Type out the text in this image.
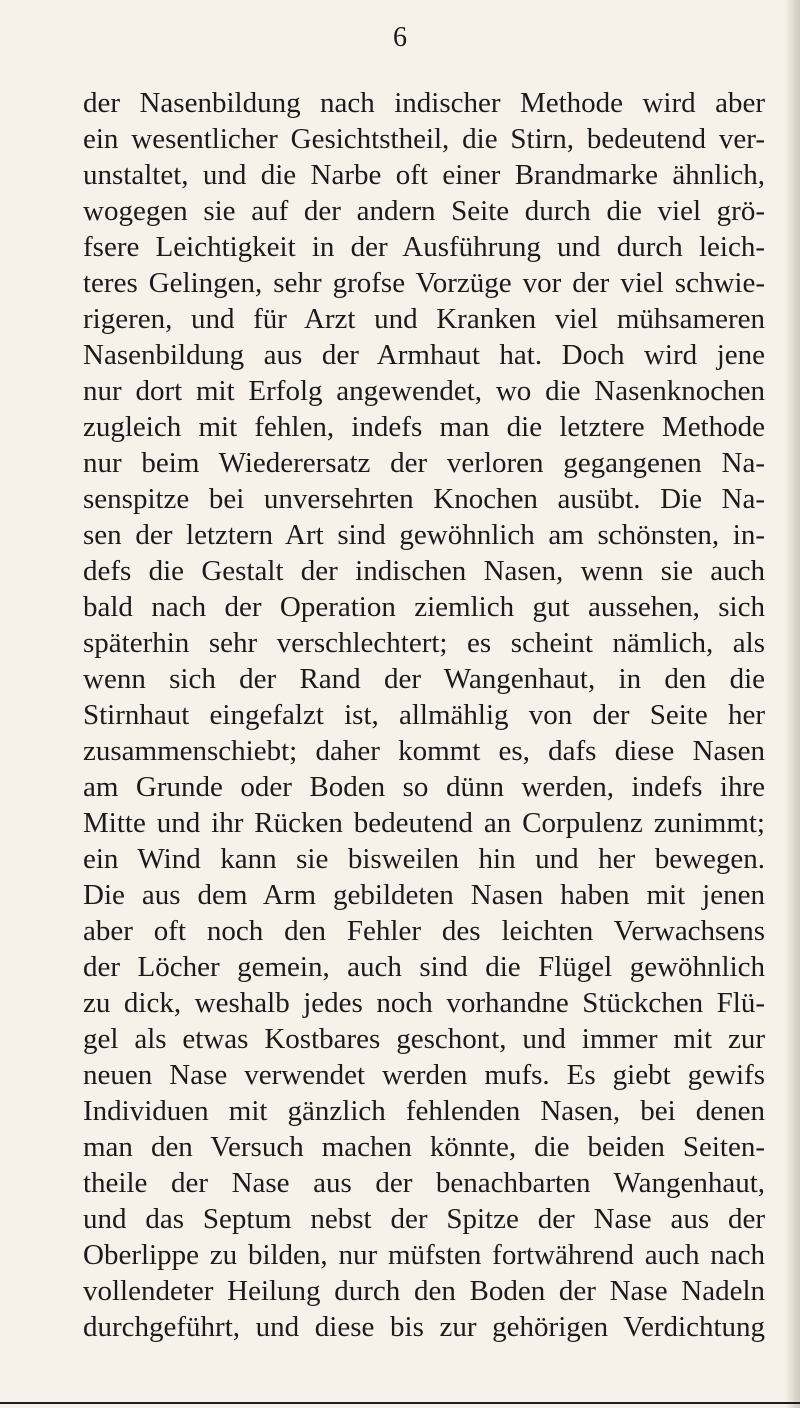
6
der Nasenbildung nach indischer Methode wird aber
ein wesentlicher Gesichtstheil, die Stirn, bedeutend ver-
unstaltet, und die Narbe oft einer Brandmarke ähnlich,
wogegen sie auf der andern Seite durch die viel grö-
fsere Leichtigkeit in der Ausführung und durch leich-
teres Gelingen, sehr grofse Vorzüge vor der viel schwie-
rigeren, und für Arzt und Kranken viel mühsameren
Nasenbildung aus der Armhaut hat. Doch wird jene
nur dort mit Erfolg angewendet, wo die Nasenknochen
zugleich mit fehlen, indefs man die letztere Methode
nur beim Wiederersatz der verloren gegangenen Na-
senspitze bei unversehrten Knochen ausübt. Die Na-
sen der letztern Art sind gewöhnlich am schönsten, in-
defs die Gestalt der indischen Nasen, wenn sie auch
bald nach der Operation ziemlich gut aussehen, sich
späterhin sehr verschlechtert; es scheint nämlich, als
wenn sich der Rand der Wangenhaut, in den die
Stirnhaut eingefalzt ist, allmählig von der Seite her
zusammenschiebt; daher kommt es, dafs diese Nasen
am Grunde oder Boden so dünn werden, indefs ihre
Mitte und ihr Rücken bedeutend an Corpulenz zunimmt;
ein Wind kann sie bisweilen hin und her bewegen.
Die aus dem Arm gebildeten Nasen haben mit jenen
aber oft noch den Fehler des leichten Verwachsens
der Löcher gemein, auch sind die Flügel gewöhnlich
zu dick, weshalb jedes noch vorhandne Stückchen Flü-
gel als etwas Kostbares geschont, und immer mit zur
neuen Nase verwendet werden mufs. Es giebt gewifs
Individuen mit gänzlich fehlenden Nasen, bei denen
man den Versuch machen könnte, die beiden Seiten-
theile der Nase aus der benachbarten Wangenhaut,
und das Septum nebst der Spitze der Nase aus der
Oberlippe zu bilden, nur müfsten fortwährend auch nach
vollendeter Heilung durch den Boden der Nase Nadeln
durchgeführt, und diese bis zur gehörigen Verdichtung
